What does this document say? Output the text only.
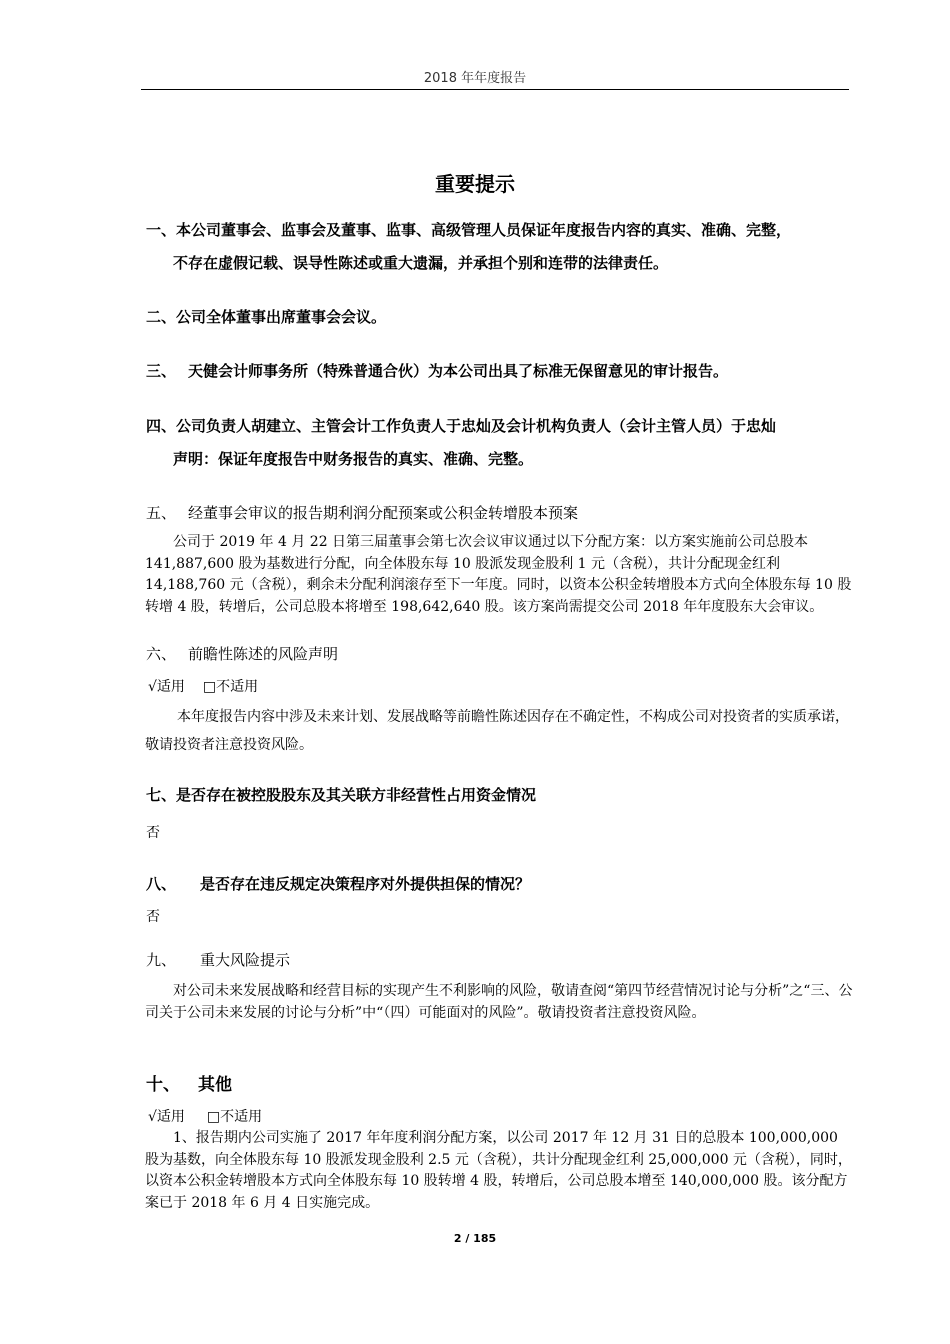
2018 年年度报告
重要提示
一、本公司董事会、监事会及董事、监事、高级管理人员保证年度报告内容的真实、准确、完整，
不存在虚假记载、误导性陈述或重大遗漏，并承担个别和连带的法律责任。
二、公司全体董事出席董事会会议。
三、 天健会计师事务所（特殊普通合伙）为本公司出具了标准无保留意见的审计报告。
四、公司负责人胡建立、主管会计工作负责人于忠灿及会计机构负责人（会计主管人员）于忠灿
声明：保证年度报告中财务报告的真实、准确、完整。
五、 经董事会审议的报告期利润分配预案或公积金转增股本预案
公司于 2019 年 4 月 22 日第三届董事会第七次会议审议通过以下分配方案：以方案实施前公司总股本 141,887,600 股为基数进行分配，向全体股东每 10 股派发现金股利 1 元（含税），共计分配现金红利 14,188,760 元（含税），剩余未分配利润滚存至下一年度。同时，以资本公积金转增股本方式向全体股东每 10 股转增 4 股，转增后，公司总股本将增至 198,642,640 股。该方案尚需提交公司 2018 年年度股东大会审议。
六、 前瞻性陈述的风险声明
√适用 □不适用
本年度报告内容中涉及未来计划、发展战略等前瞻性陈述因存在不确定性，不构成公司对投资者的实质承诺，敬请投资者注意投资风险。
七、是否存在被控股股东及其关联方非经营性占用资金情况
否
八、 是否存在违反规定决策程序对外提供担保的情况？
否
九、 重大风险提示
对公司未来发展战略和经营目标的实现产生不利影响的风险，敬请查阅“第四节经营情况讨论与分析”之“三、公司关于公司未来发展的讨论与分析”中“（四）可能面对的风险”。敬请投资者注意投资风险。
十、 其他
√适用 □不适用
1、报告期内公司实施了 2017 年年度利润分配方案，以公司 2017 年 12 月 31 日的总股本 100,000,000 股为基数，向全体股东每 10 股派发现金股利 2.5 元（含税），共计分配现金红利 25,000,000 元（含税），同时，以资本公积金转增股本方式向全体股东每 10 股转增 4 股，转增后，公司总股本增至 140,000,000 股。该分配方案已于 2018 年 6 月 4 日实施完成。
2 / 185
